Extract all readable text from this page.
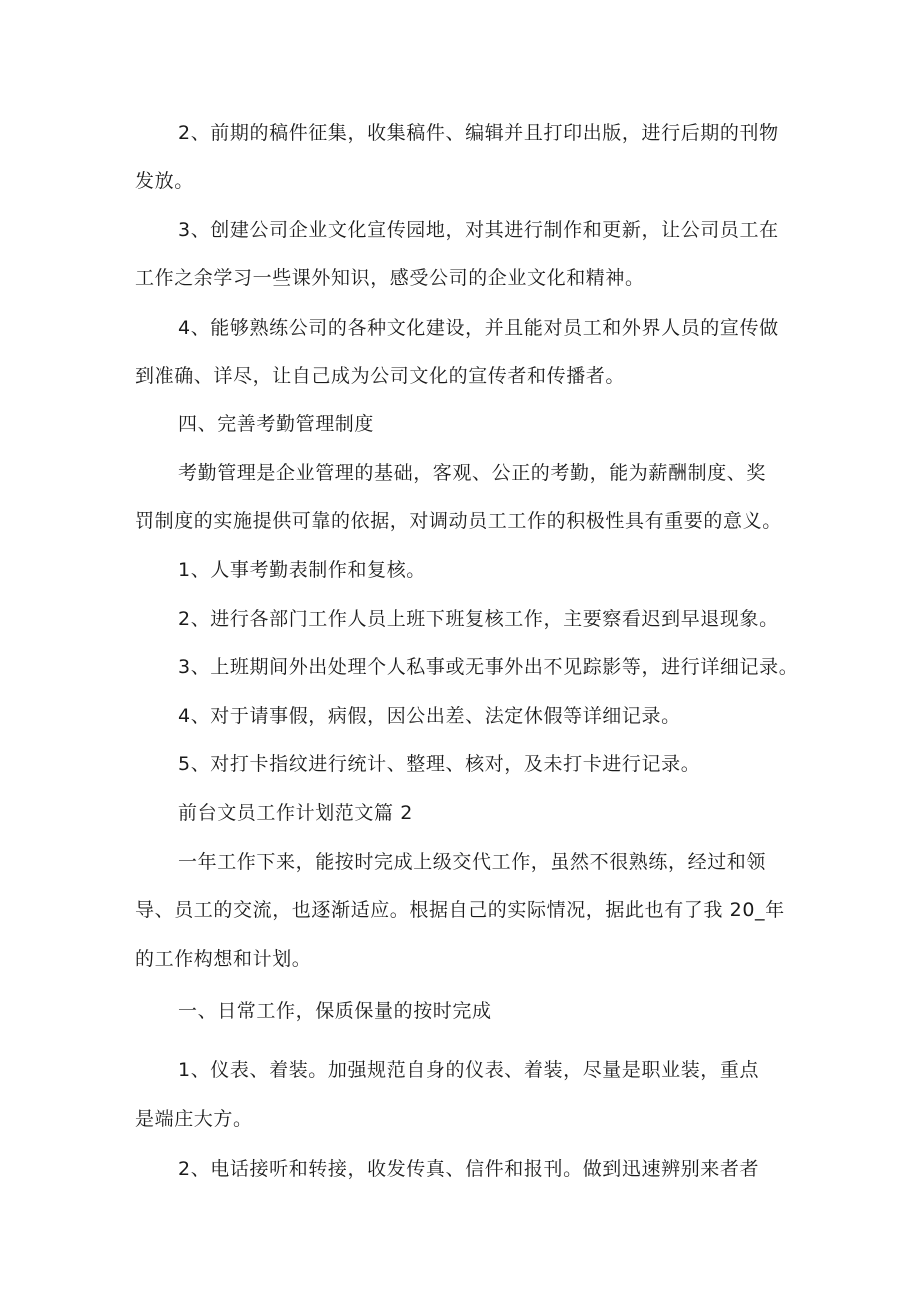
2、前期的稿件征集，收集稿件、编辑并且打印出版，进行后期的刊物
发放。
3、创建公司企业文化宣传园地，对其进行制作和更新，让公司员工在
工作之余学习一些课外知识，感受公司的企业文化和精神。
4、能够熟练公司的各种文化建设，并且能对员工和外界人员的宣传做
到准确、详尽，让自己成为公司文化的宣传者和传播者。
四、完善考勤管理制度
考勤管理是企业管理的基础，客观、公正的考勤，能为薪酬制度、奖
罚制度的实施提供可靠的依据，对调动员工工作的积极性具有重要的意义。
1、人事考勤表制作和复核。
2、进行各部门工作人员上班下班复核工作，主要察看迟到早退现象。
3、上班期间外出处理个人私事或无事外出不见踪影等，进行详细记录。
4、对于请事假，病假，因公出差、法定休假等详细记录。
5、对打卡指纹进行统计、整理、核对，及未打卡进行记录。
前台文员工作计划范文篇 2
一年工作下来，能按时完成上级交代工作，虽然不很熟练，经过和领
导、员工的交流，也逐渐适应。根据自己的实际情况，据此也有了我 20_年
的工作构想和计划。
一、日常工作，保质保量的按时完成
1、仪表、着装。加强规范自身的仪表、着装，尽量是职业装，重点
是端庄大方。
2、电话接听和转接，收发传真、信件和报刊。做到迅速辨别来者者
